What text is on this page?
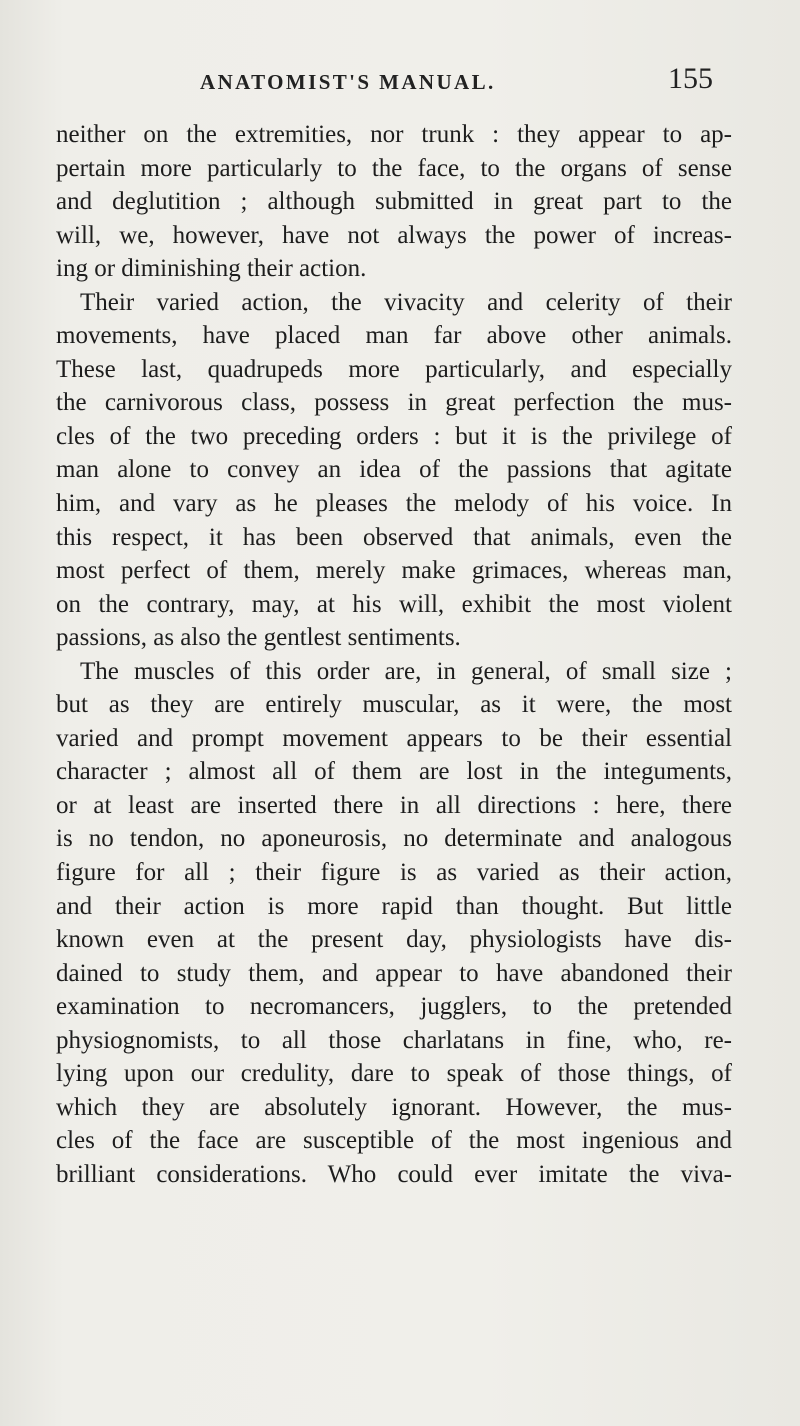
ANATOMIST'S MANUAL.	155
neither on the extremities, nor trunk : they appear to ap-
pertain more particularly to the face, to the organs of sense
and deglutition ; although submitted in great part to the
will, we, however, have not always the power of increas-
ing or diminishing their action.
Their varied action, the vivacity and celerity of their
movements, have placed man far above other animals.
These last, quadrupeds more particularly, and especially
the carnivorous class, possess in great perfection the mus-
cles of the two preceding orders : but it is the privilege of
man alone to convey an idea of the passions that agitate
him, and vary as he pleases the melody of his voice. In
this respect, it has been observed that animals, even the
most perfect of them, merely make grimaces, whereas man,
on the contrary, may, at his will, exhibit the most violent
passions, as also the gentlest sentiments.
The muscles of this order are, in general, of small size ;
but as they are entirely muscular, as it were, the most
varied and prompt movement appears to be their essential
character ; almost all of them are lost in the integuments,
or at least are inserted there in all directions : here, there
is no tendon, no aponeurosis, no determinate and analogous
figure for all ; their figure is as varied as their action,
and their action is more rapid than thought. But little
known even at the present day, physiologists have dis-
dained to study them, and appear to have abandoned their
examination to necromancers, jugglers, to the pretended
physiognomists, to all those charlatans in fine, who, re-
lying upon our credulity, dare to speak of those things, of
which they are absolutely ignorant. However, the mus-
cles of the face are susceptible of the most ingenious and
brilliant considerations. Who could ever imitate the viva-
